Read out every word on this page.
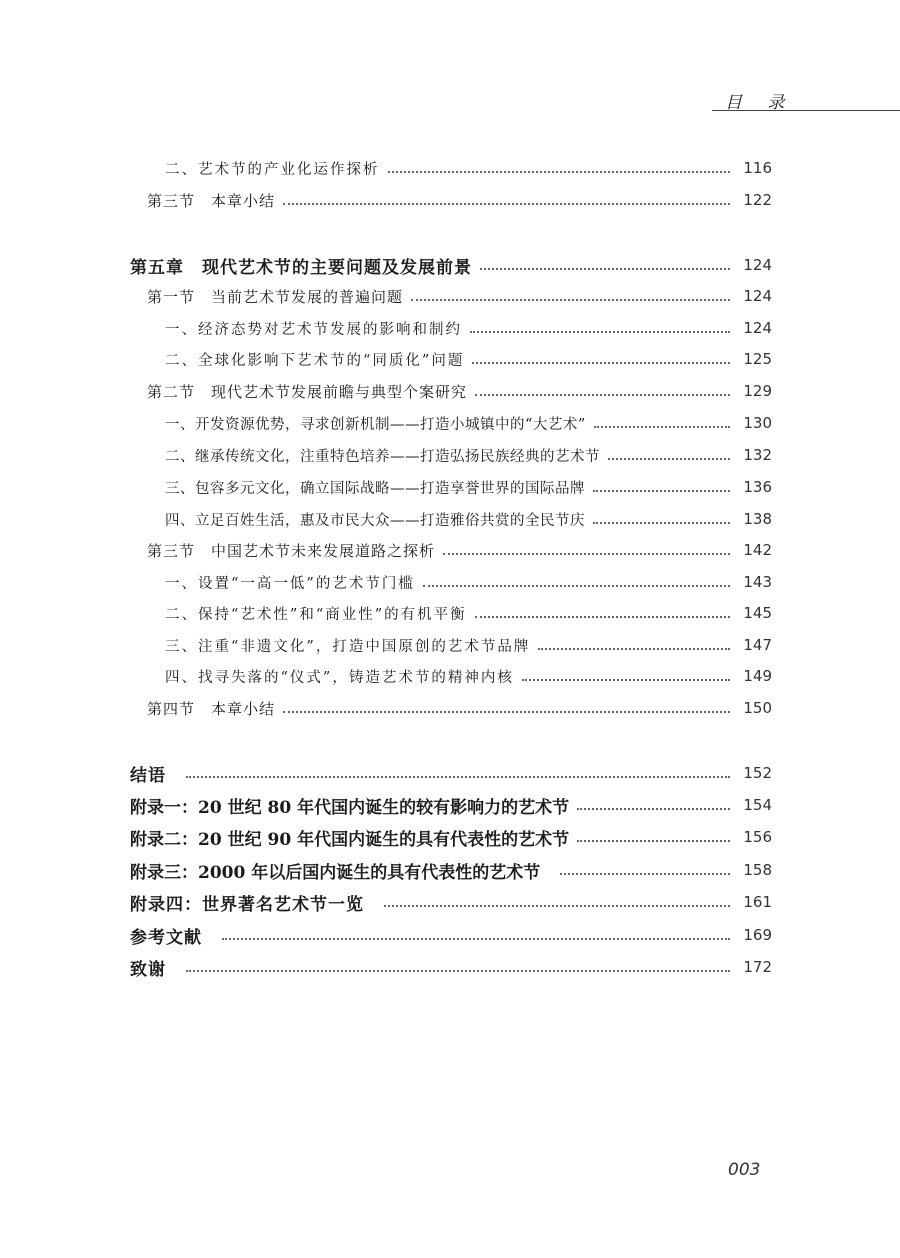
目 录
二、艺术节的产业化运作探析	116
第三节　本章小结	122
第五章　现代艺术节的主要问题及发展前景	124
第一节　当前艺术节发展的普遍问题	124
一、经济态势对艺术节发展的影响和制约	124
二、全球化影响下艺术节的“同质化”问题	125
第二节　现代艺术节发展前瞻与典型个案研究	129
一、开发资源优势，寻求创新机制——打造小城镇中的“大艺术”	130
二、继承传统文化，注重特色培养——打造弘扬民族经典的艺术节	132
三、包容多元文化，确立国际战略——打造享誉世界的国际品牌	136
四、立足百姓生活，惠及市民大众——打造雅俗共赏的全民节庆	138
第三节　中国艺术节未来发展道路之探析	142
一、设置“一高一低”的艺术节门槛	143
二、保持“艺术性”和“商业性”的有机平衡	145
三、注重“非遗文化”，打造中国原创的艺术节品牌	147
四、找寻失落的“仪式”，铸造艺术节的精神内核	149
第四节　本章小结	150
结语	152
附录一：20 世纪 80 年代国内诞生的较有影响力的艺术节	154
附录二：20 世纪 90 年代国内诞生的具有代表性的艺术节	156
附录三：2000 年以后国内诞生的具有代表性的艺术节	158
附录四：世界著名艺术节一览	161
参考文献	169
致谢	172
003
